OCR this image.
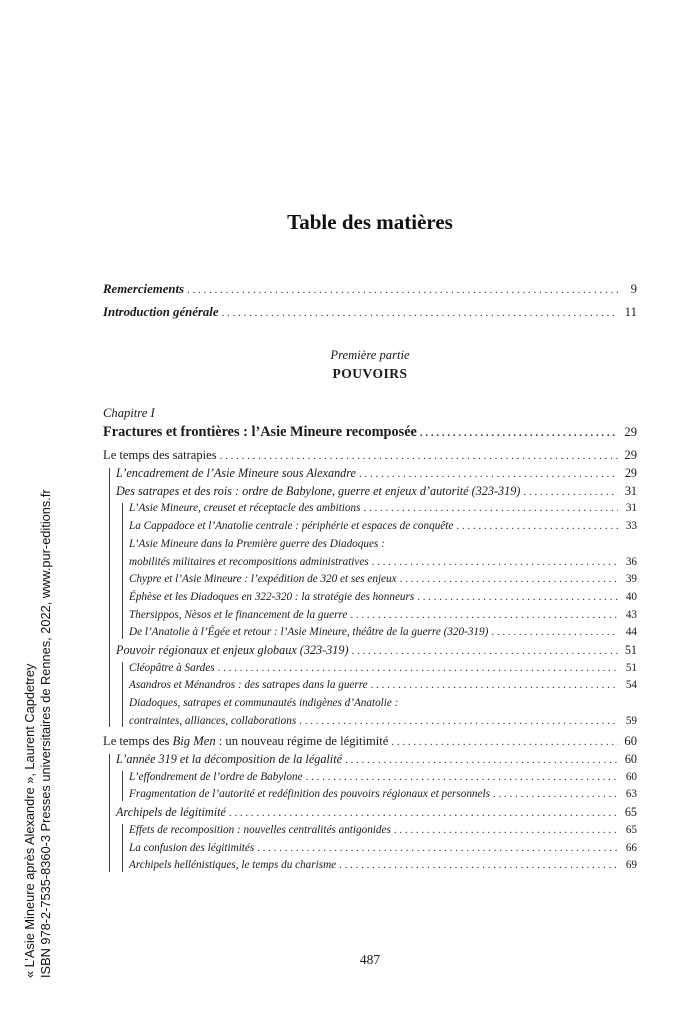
« L’Asie Mineure après Alexandre », Laurent Capdetrey ISBN 978-2-7535-8360-3 Presses universitaires de Rennes, 2022, www.pur-editions.fr
Table des matières
Remerciements . . .	9
Introduction générale . . .	11
Première partie
POUVOIRS
Chapitre I
Fractures et frontières : l’Asie Mineure recomposée . . .	29
Le temps des satrapies . . .	29
L’encadrement de l’Asie Mineure sous Alexandre . . .	29
Des satrapes et des rois : ordre de Babylone, guerre et enjeux d’autorité (323-319) . . .	31
L’Asie Mineure, creuset et réceptacle des ambitions . . .	31
La Cappadoce et l’Anatolie centrale : périphérie et espaces de conquête . . .	33
L’Asie Mineure dans la Première guerre des Diadoques :
mobilités militaires et recompositions administratives . . .	36
Chypre et l’Asie Mineure : l’expédition de 320 et ses enjeux . . .	39
Éphèse et les Diadoques en 322-320 : la stratégie des honneurs . . .	40
Thersippos, Nèsos et le financement de la guerre . . .	43
De l’Anatolie à l’Égée et retour : l’Asie Mineure, théâtre de la guerre (320-319) . . .	44
Pouvoir régionaux et enjeux globaux (323-319) . . .	51
Cléopâtre à Sardes . . .	51
Asandros et Ménandros : des satrapes dans la guerre . . .	54
Diadoques, satrapes et communautés indigènes d’Anatolie :
contraintes, alliances, collaborations . . .	59
Le temps des Big Men : un nouveau régime de légitimité . . .	60
L’année 319 et la décomposition de la légalité . . .	60
L’effondrement de l’ordre de Babylone . . .	60
Fragmentation de l’autorité et redéfinition des pouvoirs régionaux et personnels . . .	63
Archipels de légitimité . . .	65
Effets de recomposition : nouvelles centralités antigonides . . .	65
La confusion des légitimités . . .	66
Archipels hellénistiques, le temps du charisme . . .	69
487
